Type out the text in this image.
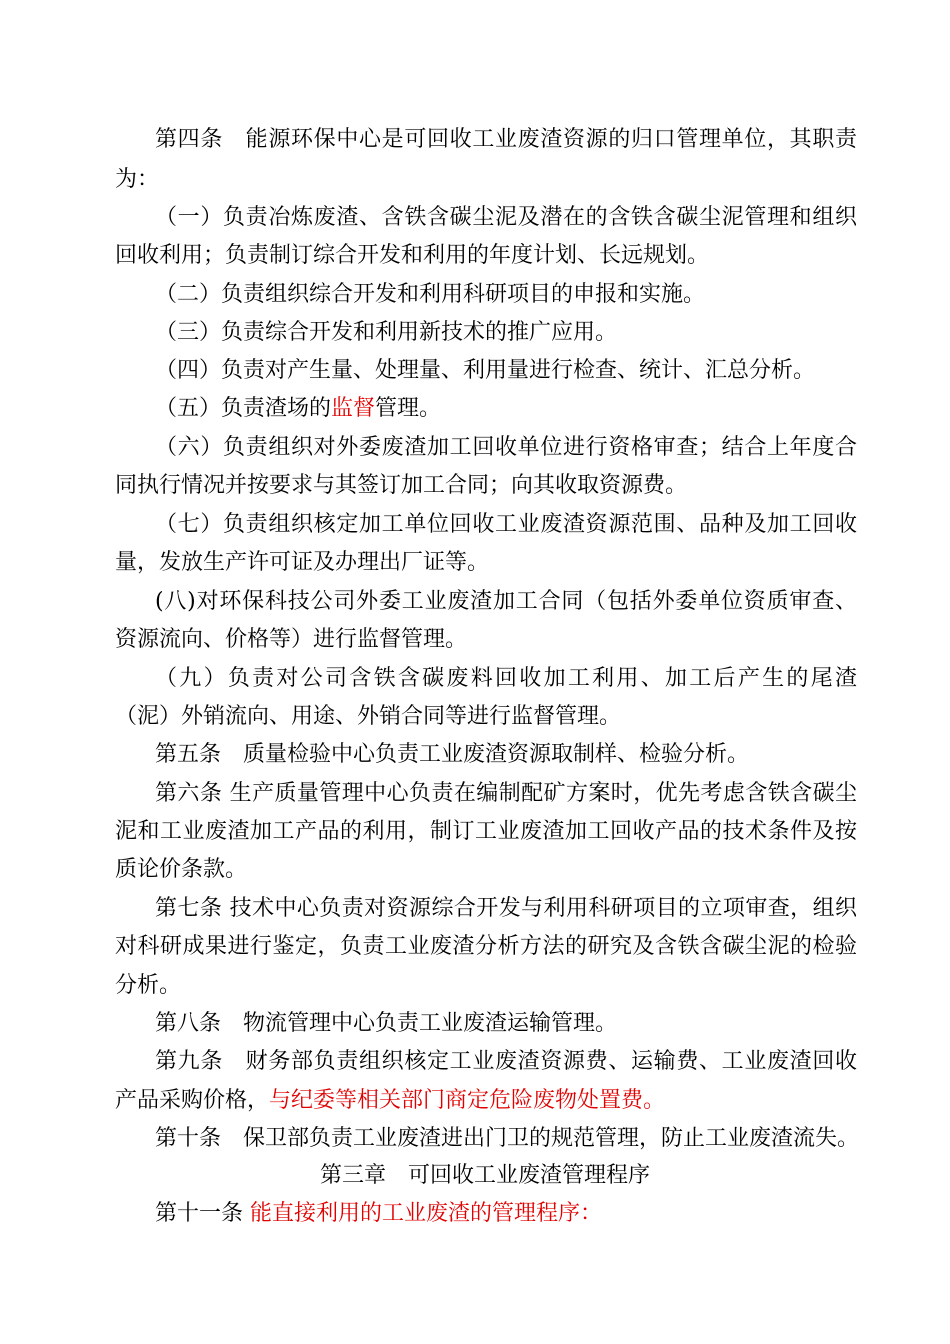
第四条　能源环保中心是可回收工业废渣资源的归口管理单位，其职责
为：
（一）负责冶炼废渣、含铁含碳尘泥及潜在的含铁含碳尘泥管理和组织
回收利用；负责制订综合开发和利用的年度计划、长远规划。
（二）负责组织综合开发和利用科研项目的申报和实施。
（三）负责综合开发和利用新技术的推广应用。
（四）负责对产生量、处理量、利用量进行检查、统计、汇总分析。
（五）负责渣场的监督管理。
（六）负责组织对外委废渣加工回收单位进行资格审查；结合上年度合
同执行情况并按要求与其签订加工合同；向其收取资源费。
（七）负责组织核定加工单位回收工业废渣资源范围、品种及加工回收
量，发放生产许可证及办理出厂证等。
(八)对环保科技公司外委工业废渣加工合同（包括外委单位资质审查、
资源流向、价格等）进行监督管理。
（九）负责对公司含铁含碳废料回收加工利用、加工后产生的尾渣
（泥）外销流向、用途、外销合同等进行监督管理。
第五条　质量检验中心负责工业废渣资源取制样、检验分析。
第六条 生产质量管理中心负责在编制配矿方案时，优先考虑含铁含碳尘
泥和工业废渣加工产品的利用，制订工业废渣加工回收产品的技术条件及按
质论价条款。
第七条 技术中心负责对资源综合开发与利用科研项目的立项审查，组织
对科研成果进行鉴定，负责工业废渣分析方法的研究及含铁含碳尘泥的检验
分析。
第八条　物流管理中心负责工业废渣运输管理。
第九条　财务部负责组织核定工业废渣资源费、运输费、工业废渣回收
产品采购价格，与纪委等相关部门商定危险废物处置费。
第十条　保卫部负责工业废渣进出门卫的规范管理，防止工业废渣流失。
第三章　可回收工业废渣管理程序
第十一条 能直接利用的工业废渣的管理程序：
